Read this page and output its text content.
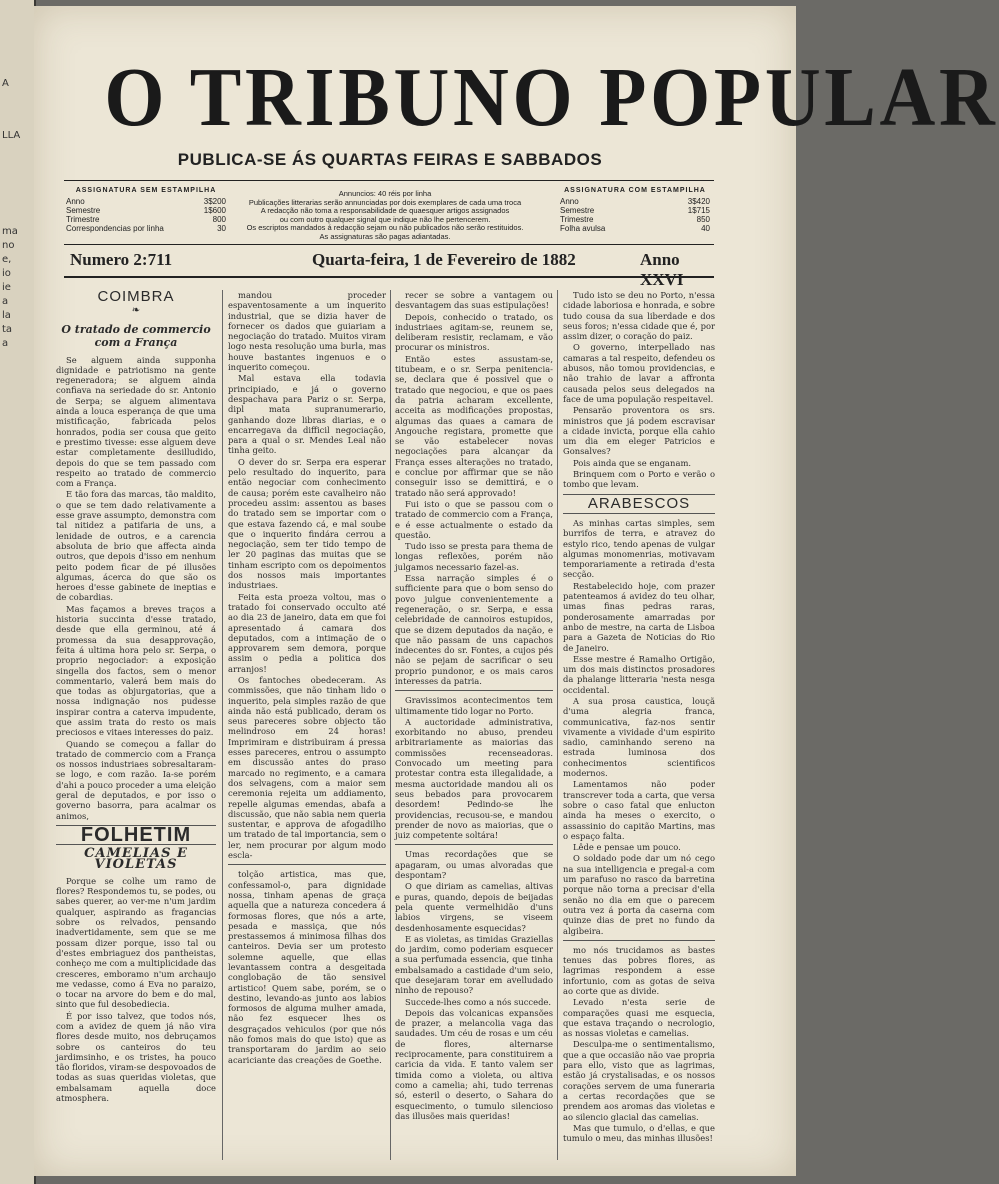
A
LLA
ma
no
e,
io
ie
a
la
ta
a
O TRIBUNO POPULAR
PUBLICA-SE ÁS QUARTAS FEIRAS E SABBADOS
ASSIGNATURA SEM ESTAMPILHA
Anno	3$200
Semestre	1$600
Trimestre	800
Correspondencias por linha	30
Annuncios: 40 réis por linha
Publicações litterarias serão annunciadas por dois exemplares de cada uma troca
A redacção não toma a responsabilidade de quaesquer artigos assignados
ou com outro qualquer signal que indique não lhe pertencerem.
Os escriptos mandados á redacção sejam ou não publicados não serão restituidos.
As assignaturas são pagas adiantadas.
ASSIGNATURA COM ESTAMPILHA
Anno	3$420
Semestre	1$715
Trimestre	850
Folha avulsa	40
Numero 2:711	Quarta-feira, 1 de Fevereiro de 1882	Anno XXVI
COIMBRA
❧
O tratado de commercio com a França

Se alguem ainda supponha dignidade e patriotismo na gente regeneradora; se alguem ainda confiava na seriedade do sr. Antonio de Serpa; se alguem alimentava ainda a louca esperança de que uma mistificação, fabricada pelos honrados, podia ser cousa que geito e prestimo tivesse: esse alguem deve estar completamente desilludido, depois do que se tem passado com respeito ao tratado de commercio com a França.

E tão fora das marcas, tão maldito, o que se tem dado relativamente a esse grave assumpto, demonstra com tal nitidez a patifaria de uns, a lenidade de outros, e a carencia absoluta de brio que affecta ainda outros, que depois d'isso em nenhum peito podem ficar de pé illusões algumas, ácerca do que são os heroes d'esse gabinete de ineptias e de cobardias.

Mas façamos a breves traços a historia succinta d'esse tratado, desde que ella germinou, até á promessa da sua desapprovação, feita á ultima hora pelo sr. Serpa, o proprio negociador: a exposição singella dos factos, sem o menor commentario, valerá bem mais do que todas as objurgatorias, que a nossa indignação nos pudesse inspirar contra a caterva impudente, que assim trata do resto os mais preciosos e vitaes interesses do paiz.

Quando se começou a fallar do tratado de commercio com a França os nossos industriaes sobresaltaram-se logo, e com razão. Ia-se porém d'ahi a pouco proceder a uma eleição geral de deputados, e por isso o governo basorra, para acalmar os animos,

FOLHETIM
CAMELIAS E VIOLETAS

Porque se colhe um ramo de flores? Respondemos tu, se podes, ou sabes querer, ao ver-me n'um jardim qualquer, aspirando as fragancias sobre os relvados, pensando inadvertidamente, sem que se me possam dizer porque, isso tal ou d'estes embriaguez dos pantheistas, conheço me com a multiplicidade das cresceres, emboramo n'um archaujo me vedasse, como á Eva no paraizo, o tocar na arvore do bem e do mal, sinto que ful desobediecia.

É por isso talvez, que todos nós, com a avidez de quem já não vira flores desde muito, nos debruçamos sobre os canteiros do teu jardimsinho, e os tristes, ha pouco tão floridos, viram-se despovoados de todas as suas queridas violetas, que embalsamam aquella doce atmosphera.

mandou proceder espaventosamente a um inquerito industrial, que se dizia haver de fornecer os dados que guiariam a negociação do tratado. Muitos viram logo nesta resolução uma burla, mas houve bastantes ingenuos e o inquerito começou.

Mal estava ella todavia principiado, e já o governo despachava para Pariz o sr. Serpa, dipl mata supranumerario, ganhando doze libras diarias, e o encarregava da difficil negociação, para a qual o sr. Mendes Leal não tinha geito.

O dever do sr. Serpa era esperar pelo resultado do inquerito, para então negociar com conhecimento de causa; porém este cavalheiro não procedeu assim: assentou as bases do tratado sem se importar com o que estava fazendo cá, e mal soube que o inquerito findára cerrou a negociação, sem ter tido tempo de ler 20 paginas das muitas que se tinham escripto com os depoimentos dos nossos mais importantes industriaes.

Feita esta proeza voltou, mas o tratado foi conservado occulto até ao dia 23 de janeiro, data em que foi apresentado á camara dos deputados, com a intimação de o approvarem sem demora, porque assim o pedia a politica dos arranjos!

Os fantoches obedeceram. As commissões, que não tinham lido o inquerito, pela simples razão de que ainda não está publicado, deram os seus pareceres sobre objecto tão melindroso em 24 horas! Imprimiram e distribuiram á pressa esses pareceres, entrou o assumpto em discussão antes do praso marcado no regimento, e a camara dos selvagens, com a maior sem ceremonia rejeita um addiamento, repelle algumas emendas, abafa a discussão, que não sabia nem queria sustentar, e approva de afogadilho um tratado de tal importancia, sem o ler, nem procurar por algum modo escla-

tolção artistica, mas que, confessamol-o, para dignidade nossa, tinham apenas de graça aquella que a natureza concedera á formosas flores, que nós a arte, pesada e massiça, que nós prestassemos á minimosa filhas dos canteiros. Devia ser um protesto solemne aquelle, que ellas levantassem contra a desgeitada conglobação de tão sensivel artistico! Quem sabe, porém, se o destino, levando-as junto aos labios formosos de alguma mulher amada, não fez esquecer lhes os desgraçados vehiculos (por que nós não fomos mais do que isto) que as transportaram do jardim ao seio acariciante das creações de Goethe.

recer se sobre a vantagem ou desvantagem das suas estipulações!

Depois, conhecido o tratado, os industriaes agitam-se, reunem se, deliberam resistir, reclamam, e vão procurar os ministros.

Então estes assustam-se, titubeam, e o sr. Serpa penitencia-se, declara que é possivel que o tratado que negociou, e que os paes da patria acharam excellente, acceita as modificações propostas, algumas das quaes a camara de Angouche registara, promette que se vão estabelecer novas negociações para alcançar da França esses alterações no tratado, e conclue por affirmar que se não conseguir isso se demittirá, e o tratado não será approvado!

Fui isto o que se passou com o tratado de commercio com a França, e é esse actualmente o estado da questão.

Tudo isso se presta para thema de longas reflexões, porém não julgamos necessario fazel-as.

Essa narração simples é o sufficiente para que o bom senso do povo julgue convenientemente a regeneração, o sr. Serpa, e essa celebridade de cannoiros estupidos, que se dizem deputados da nação, e que não passam de uns capachos indecentes do sr. Fontes, a cujos pés não se pejam de sacrificar o seu proprio pundonor, e os mais caros interesses da patria.

Gravissimos acontecimentos tem ultimamente tido logar no Porto.

A auctoridade administrativa, exorbitando no abuso, prendeu arbitrariamente as maiorias das commissões recenseadoras. Convocado um meeting para protestar contra esta illegalidade, a mesma auctoridade mandou ali os seus bebados para provocarem desordem! Pedindo-se lhe providencias, recusou-se, e mandou prender de novo as maiorias, que o juiz competente soltára!

Umas recordações que se apagaram, ou umas alvoradas que despontam?

O que diriam as camelias, altivas e puras, quando, depois de beijadas pela quente vermelhidão d'uns labios virgens, se viseem desdenhosamente esquecidas?

E as violetas, as timidas Graziellas do jardim, como poderiam esquecer a sua perfumada essencia, que tinha embalsamado a castidade d'um seio, que desejaram torar em avelludado ninho de repouso?

Succede-lhes como a nós succede.

Depois das volcanicas expansões de prazer, a melancolia vaga das saudades. Um céu de rosas e um céu de flores, alternarse reciprocamente, para constituirem a caricia da vida. E tanto valem ser timida como a violeta, ou altiva como a camelia; ahi, tudo terrenas só, esteril o deserto, o Sahara do esquecimento, o tumulo silencioso das illusões mais queridas!

Tudo isto se deu no Porto, n'essa cidade laboriosa e honrada, e sobre tudo cousa da sua liberdade e dos seus foros; n'essa cidade que é, por assim dizer, o coração do paiz.

O governo, interpellado nas camaras a tal respeito, defendeu os abusos, não tomou providencias, e não trahio de lavar a affronta causada pelos seus delegados na face de uma população respeitavel.

Pensarão proventora os srs. ministros que já podem escravisar a cidade invicta, porque ella cahio um dia em eleger Patricios e Gonsalves?

Pois ainda que se enganam.

Brinquem com o Porto e verão o tombo que levam.

ARABESCOS

As minhas cartas simples, sem burrifos de terra, e atravez do estylo rico, tendo apenas de vulgar algumas monomenrias, motivavam temporariamente a retirada d'esta secção.

Restabelecido hoje, com prazer patenteamos á avidez do teu olhar, umas finas pedras raras, ponderosamente amarradas por anbo de mestre, na carta de Lisboa para a Gazeta de Noticias do Rio de Janeiro.

Esse mestre é Ramalho Ortigão, um dos mais distinctos prosadores da phalange litteraria 'nesta nesga occidental.

A sua prosa caustica, louçã d'uma alegria franca, communicativa, faz-nos sentir vivamente a vividade d'um espirito sadio, caminhando sereno na estrada luminosa dos conhecimentos scientificos modernos.

Lamentamos não poder transcrever toda a carta, que versa sobre o caso fatal que enlucton ainda ha meses o exercito, o assassinio do capitão Martins, mas o espaço falta.

Lêde e pensae um pouco.

O soldado pode dar um nó cego na sua intelligencia e pregal-a com um parafuso no rasco da barretina porque não torna a precisar d'ella senão no dia em que o parecem outra vez á porta da caserna com quinze dias de pret no fundo da algibeira.

mo nós trucidamos as bastes tenues das pobres flores, as lagrimas respondem a esse infortunio, com as gotas de seiva ao corte que as divide.

Levado n'esta serie de comparações quasi me esquecia, que estava traçando o necrologio, as nossas violetas e camelias.

Desculpa-me o sentimentalismo, que a que occasião não vae propria para ello, visto que as lagrimas, estão já crystalisadas, e os nossos corações servem de uma funeraria a certas recordações que se prendem aos aromas das violetas e ao silencio glacial das camelias.

Mas que tumulo, o d'ellas, e que tumulo o meu, das minhas illusões!
